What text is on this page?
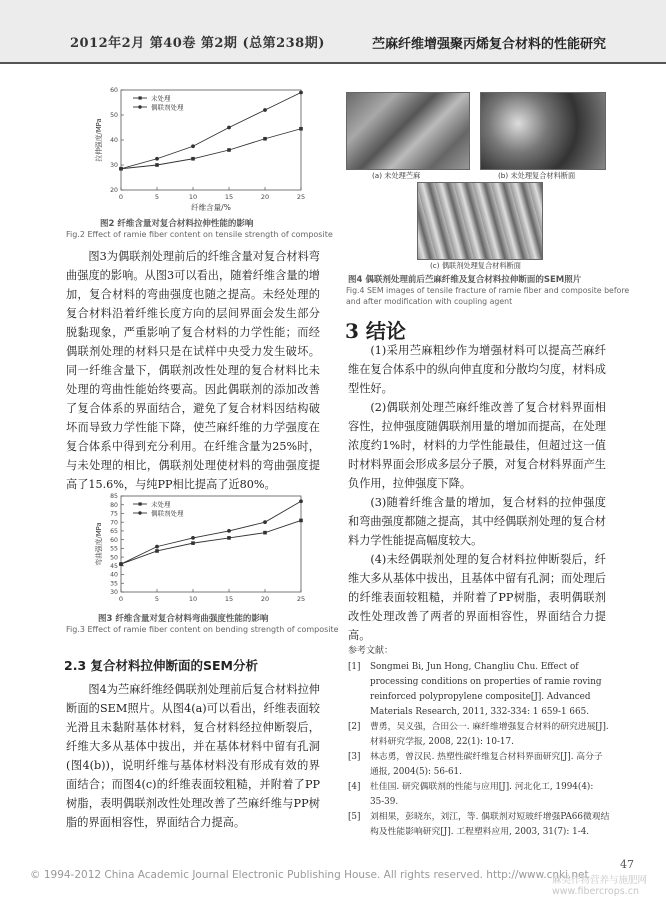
2012年2月 第40卷 第2期 (总第238期)	苎麻纤维增强聚丙烯复合材料的性能研究
0	5	10	15	20	25
20
30
40
50
60
纤维含量/%
拉伸强度/MPa
未处理
偶联剂处理
图2 纤维含量对复合材料拉伸性能的影响
Fig.2 Effect of ramie fiber content on tensile strength of composite

图3为偶联剂处理前后的纤维含量对复合材料弯曲强度的影响。从图3可以看出，随着纤维含量的增加，复合材料的弯曲强度也随之提高。未经处理的复合材料沿着纤维长度方向的层间界面会发生部分脱黏现象，严重影响了复合材料的力学性能；而经偶联剂处理的材料只是在试样中央受力发生破坏。同一纤维含量下，偶联剂改性处理的复合材料比未处理的弯曲性能始终要高。因此偶联剂的添加改善了复合体系的界面结合，避免了复合材料因结构破坏而导致力学性能下降，使苎麻纤维的力学强度在复合体系中得到充分利用。在纤维含量为25%时，与未处理的相比，偶联剂处理使材料的弯曲强度提高了15.6%，与纯PP相比提高了近80%。

0	5	10	15	20	25
30
35
40
45
50
55
60
65
70
75
80
85
弯曲强度/MPa
未处理
偶联剂处理
图3 纤维含量对复合材料弯曲强度性能的影响
Fig.3 Effect of ramie fiber content on bending strength of composite
2.3 复合材料拉伸断面的SEM分析

图4为苎麻纤维经偶联剂处理前后复合材料拉伸断面的SEM照片。从图4(a)可以看出，纤维表面较光滑且未黏附基体材料，复合材料经拉伸断裂后，纤维大多从基体中拔出，并在基体材料中留有孔洞(图4(b))，说明纤维与基体材料没有形成有效的界面结合；而图4(c)的纤维表面较粗糙，并附着了PP树脂，表明偶联剂改性处理改善了苎麻纤维与PP树脂的界面相容性，界面结合力提高。

(a) 未处理苎麻	(b) 未处理复合材料断面
(c) 偶联剂处理复合材料断面
图4 偶联剂处理前后苎麻纤维及复合材料拉伸断面的SEM照片
Fig.4 SEM images of tensile fracture of ramie fiber and composite before
and after modification with coupling agent
3 结论

(1)采用苎麻粗纱作为增强材料可以提高苎麻纤维在复合体系中的纵向伸直度和分散均匀度，材料成型性好。

(2)偶联剂处理苎麻纤维改善了复合材料界面相容性，拉伸强度随偶联剂用量的增加而提高，在处理浓度约1%时，材料的力学性能最佳，但超过这一值时材料界面会形成多层分子膜，对复合材料界面产生负作用，拉伸强度下降。

(3)随着纤维含量的增加，复合材料的拉伸强度和弯曲强度都随之提高，其中经偶联剂处理的复合材料力学性能提高幅度较大。

(4)未经偶联剂处理的复合材料拉伸断裂后，纤维大多从基体中拔出，且基体中留有孔洞；而处理后的纤维表面较粗糙，并附着了PP树脂，表明偶联剂改性处理改善了两者的界面相容性，界面结合力提高。

参考文献：
[1]	Songmei Bi, Jun Hong, Changliu Chu. Effect of processing conditions on properties of ramie roving reinforced polypropylene composite[J]. Advanced Materials Research, 2011, 332-334: 1 659-1 665.
[2]	曹勇，吴义强，合田公一. 麻纤维增强复合材料的研究进展[J]. 材料研究学报, 2008, 22(1): 10-17.
[3]	林志勇，曾汉民. 热塑性碳纤维复合材料界面研究[J]. 高分子通报, 2004(5): 56-61.
[4]	杜佳国. 研究偶联剂的性能与应用[J]. 河北化工, 1994(4): 35-39.
[5]	刘相果，彭晓东，刘江，等. 偶联剂对短玻纤增强PA66微观结构及性能影响研究[J]. 工程塑料应用, 2003, 31(7): 1-4.
47
© 1994-2012 China Academic Journal Electronic Publishing House. All rights reserved. http://www.cnki.net
麻类作物营养与施肥网 www.fibercrops.cn
